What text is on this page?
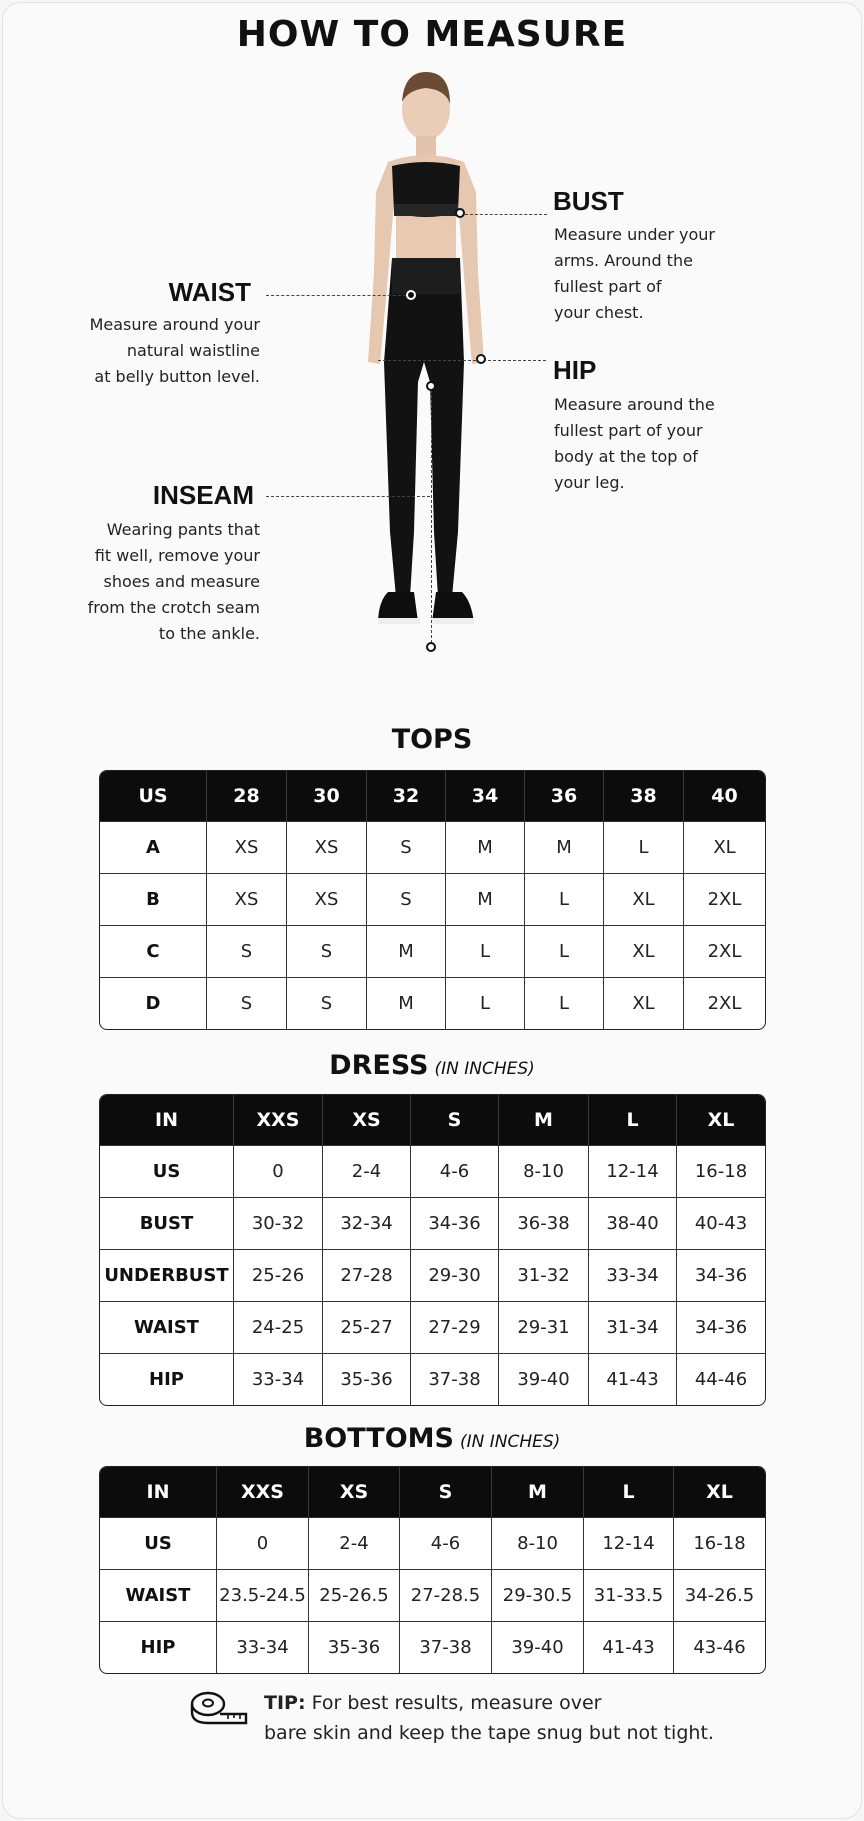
HOW TO MEASURE
BUST
Measure under your
arms. Around the
fullest part of
your chest.
WAIST
Measure around your
natural waistline
at belly button level.	HIP
Measure around the
fullest part of your
body at the top of
your leg.
INSEAM
Wearing pants that
fit well, remove your
shoes and measure
from the crotch seam
to the ankle.
TOPS
US	28	30	32	34	36	38	40
A	XS	XS	S	M	M	L	XL
B	XS	XS	S	M	L	XL	2XL
C	S	S	M	L	L	XL	2XL
D	S	S	M	L	L	XL	2XL
DRESS (IN INCHES)
IN	XXS	XS	S	M	L	XL
US	0	2-4	4-6	8-10	12-14	16-18
BUST	30-32	32-34	34-36	36-38	38-40	40-43
UNDERBUST	25-26	27-28	29-30	31-32	33-34	34-36
WAIST	24-25	25-27	27-29	29-31	31-34	34-36
HIP	33-34	35-36	37-38	39-40	41-43	44-46
BOTTOMS (IN INCHES)
IN	XXS	XS	S	M	L	XL
US	0	2-4	4-6	8-10	12-14	16-18
WAIST	23.5-24.5	25-26.5	27-28.5	29-30.5	31-33.5	34-26.5
HIP	33-34	35-36	37-38	39-40	41-43	43-46
TIP: For best results, measure over
bare skin and keep the tape snug but not tight.
